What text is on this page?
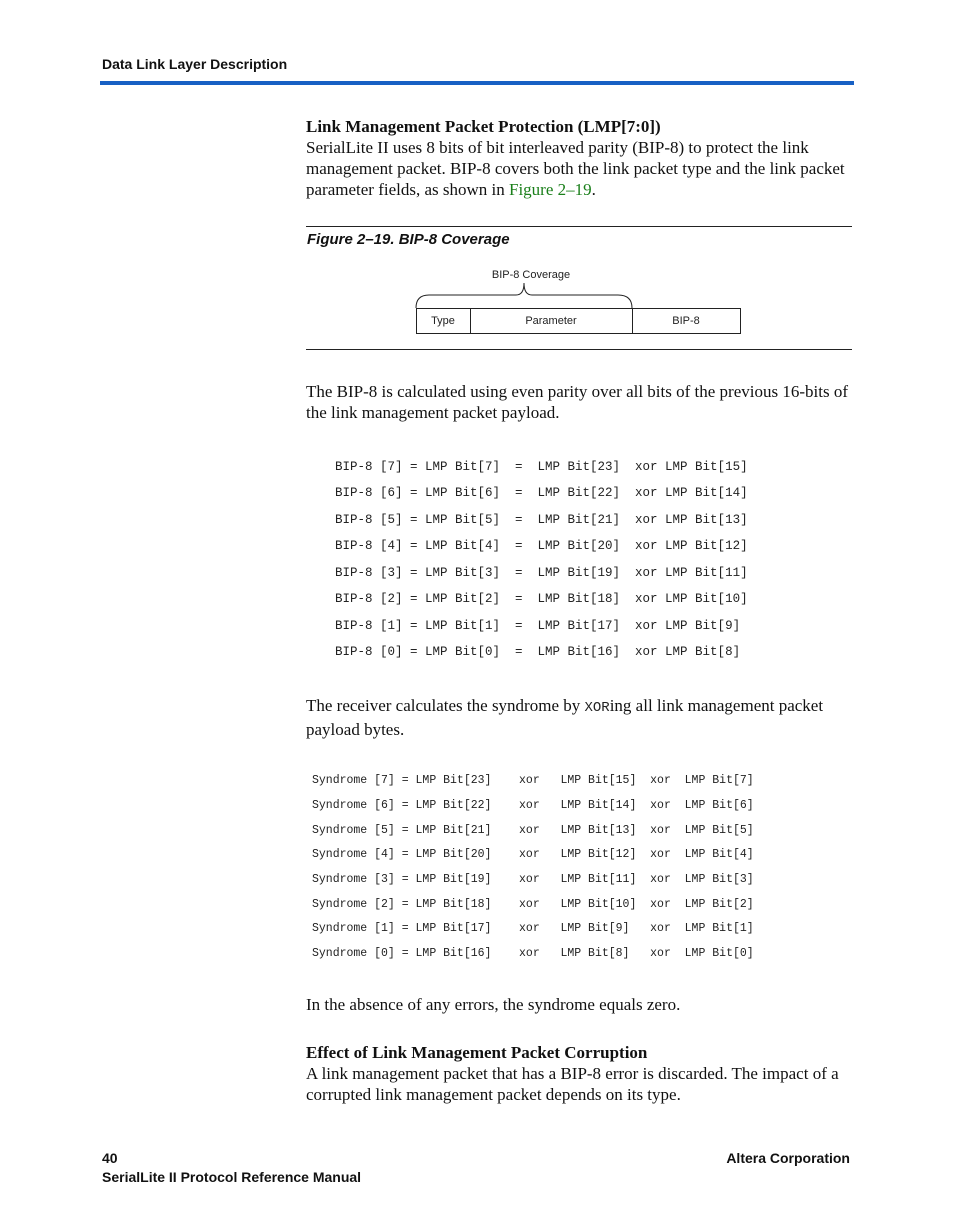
Data Link Layer Description
Link Management Packet Protection (LMP[7:0])
SerialLite II uses 8 bits of bit interleaved parity (BIP-8) to protect the link management packet. BIP-8 covers both the link packet type and the link packet parameter fields, as shown in Figure 2–19.
Figure 2–19. BIP-8 Coverage
BIP-8 Coverage
Type	Parameter	BIP-8
The BIP-8 is calculated using even parity over all bits of the previous 16-bits of the link management packet payload.
BIP-8 [7] = LMP Bit[7]  =  LMP Bit[23]  xor LMP Bit[15]
BIP-8 [6] = LMP Bit[6]  =  LMP Bit[22]  xor LMP Bit[14]
BIP-8 [5] = LMP Bit[5]  =  LMP Bit[21]  xor LMP Bit[13]
BIP-8 [4] = LMP Bit[4]  =  LMP Bit[20]  xor LMP Bit[12]
BIP-8 [3] = LMP Bit[3]  =  LMP Bit[19]  xor LMP Bit[11]
BIP-8 [2] = LMP Bit[2]  =  LMP Bit[18]  xor LMP Bit[10]
BIP-8 [1] = LMP Bit[1]  =  LMP Bit[17]  xor LMP Bit[9]
BIP-8 [0] = LMP Bit[0]  =  LMP Bit[16]  xor LMP Bit[8]
The receiver calculates the syndrome by XORing all link management packet payload bytes.
Syndrome [7] = LMP Bit[23]    xor   LMP Bit[15]  xor  LMP Bit[7]
Syndrome [6] = LMP Bit[22]    xor   LMP Bit[14]  xor  LMP Bit[6]
Syndrome [5] = LMP Bit[21]    xor   LMP Bit[13]  xor  LMP Bit[5]
Syndrome [4] = LMP Bit[20]    xor   LMP Bit[12]  xor  LMP Bit[4]
Syndrome [3] = LMP Bit[19]    xor   LMP Bit[11]  xor  LMP Bit[3]
Syndrome [2] = LMP Bit[18]    xor   LMP Bit[10]  xor  LMP Bit[2]
Syndrome [1] = LMP Bit[17]    xor   LMP Bit[9]   xor  LMP Bit[1]
Syndrome [0] = LMP Bit[16]    xor   LMP Bit[8]   xor  LMP Bit[0]
In the absence of any errors, the syndrome equals zero.
Effect of Link Management Packet Corruption
A link management packet that has a BIP-8 error is discarded. The impact of a corrupted link management packet depends on its type.
40
SerialLite II Protocol Reference Manual
Altera Corporation
